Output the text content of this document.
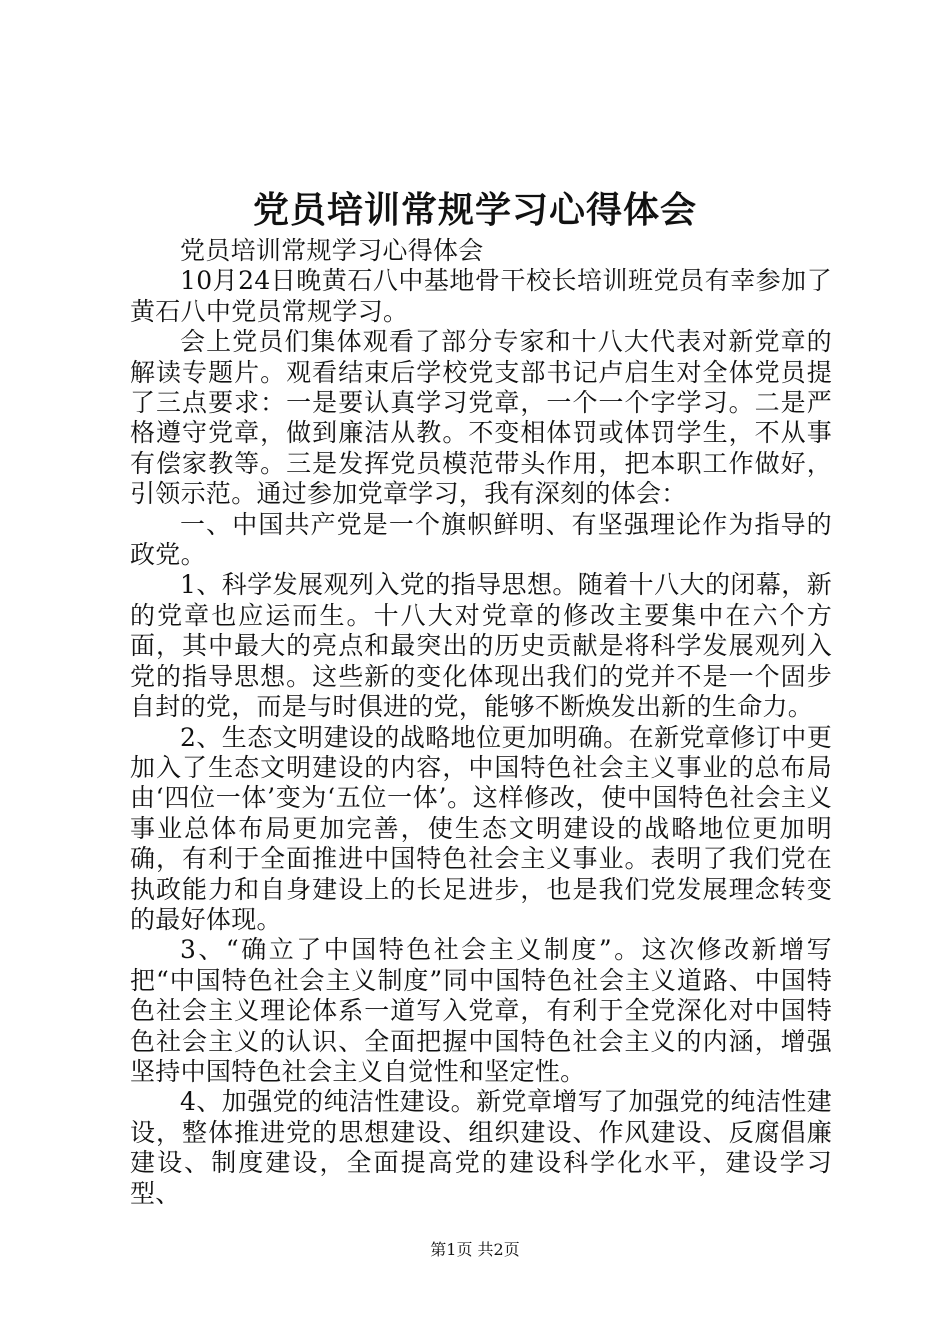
党员培训常规学习心得体会

党员培训常规学习心得体会

10月24日晚黄石八中基地骨干校长培训班党员有幸参加了黄石八中党员常规学习。

会上党员们集体观看了部分专家和十八大代表对新党章的解读专题片。观看结束后学校党支部书记卢启生对全体党员提了三点要求：一是要认真学习党章，一个一个字学习。二是严格遵守党章，做到廉洁从教。不变相体罚或体罚学生，不从事有偿家教等。三是发挥党员模范带头作用，把本职工作做好，引领示范。通过参加党章学习，我有深刻的体会：

一、中国共产党是一个旗帜鲜明、有坚强理论作为指导的政党。

1、科学发展观列入党的指导思想。随着十八大的闭幕，新的党章也应运而生。十八大对党章的修改主要集中在六个方面，其中最大的亮点和最突出的历史贡献是将科学发展观列入党的指导思想。这些新的变化体现出我们的党并不是一个固步自封的党，而是与时俱进的党，能够不断焕发出新的生命力。

2、生态文明建设的战略地位更加明确。在新党章修订中更加入了生态文明建设的内容，中国特色社会主义事业的总布局由‘四位一体’变为‘五位一体’。这样修改，使中国特色社会主义事业总体布局更加完善，使生态文明建设的战略地位更加明确，有利于全面推进中国特色社会主义事业。表明了我们党在执政能力和自身建设上的长足进步，也是我们党发展理念转变的最好体现。

3、“确立了中国特色社会主义制度”。这次修改新增写把“中国特色社会主义制度”同中国特色社会主义道路、中国特色社会主义理论体系一道写入党章，有利于全党深化对中国特色社会主义的认识、全面把握中国特色社会主义的内涵，增强坚持中国特色社会主义自觉性和坚定性。

4、加强党的纯洁性建设。新党章增写了加强党的纯洁性建设，整体推进党的思想建设、组织建设、作风建设、反腐倡廉建设、制度建设，全面提高党的建设科学化水平，建设学习型、

第1页 共2页
